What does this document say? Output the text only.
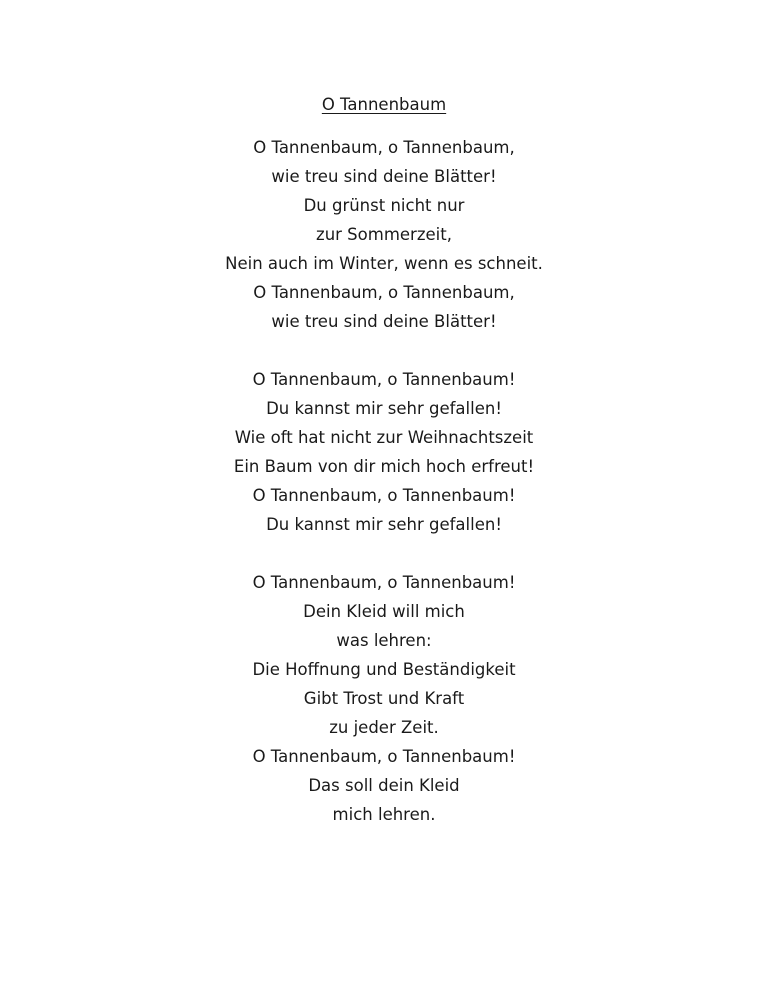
O Tannenbaum
O Tannenbaum, o Tannenbaum,
wie treu sind deine Blätter!
Du grünst nicht nur
zur Sommerzeit,
Nein auch im Winter, wenn es schneit.
O Tannenbaum, o Tannenbaum,
wie treu sind deine Blätter!
O Tannenbaum, o Tannenbaum!
Du kannst mir sehr gefallen!
Wie oft hat nicht zur Weihnachtszeit
Ein Baum von dir mich hoch erfreut!
O Tannenbaum, o Tannenbaum!
Du kannst mir sehr gefallen!
O Tannenbaum, o Tannenbaum!
Dein Kleid will mich
was lehren:
Die Hoffnung und Beständigkeit
Gibt Trost und Kraft
zu jeder Zeit.
O Tannenbaum, o Tannenbaum!
Das soll dein Kleid
mich lehren.
